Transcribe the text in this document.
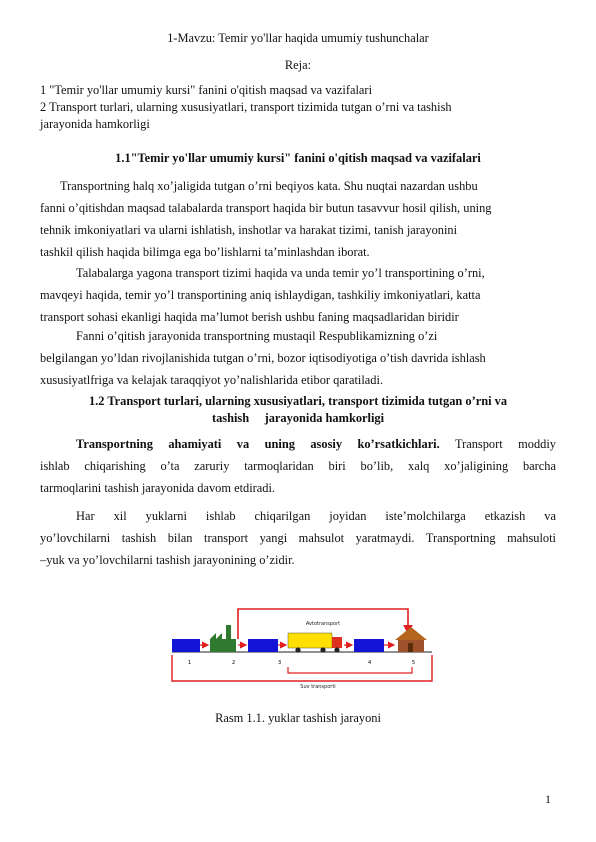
1-Mavzu: Temir yo'llar haqida umumiy tushunchalar
Reja:
1 "Temir yo'llar umumiy kursi" fanini o'qitish maqsad va vazifalari
2 Transport turlari, ularning xususiyatlari, transport tizimida tutgan o’rni va tashish
jarayonida hamkorligi
1.1"Temir yo'llar umumiy kursi" fanini o'qitish maqsad va vazifalari

Transportning halq xo’jaligida tutgan o’rni beqiyos kata. Shu nuqtai nazardan ushbu

fanni o’qitishdan maqsad talabalarda transport haqida bir butun tasavvur hosil qilish, uning

tehnik imkoniyatlari va ularni ishlatish, inshotlar va harakat tizimi, tanish jarayonini

tashkil qilish haqida bilimga ega bo’lishlarni ta’minlashdan iborat.

Talabalarga yagona transport tizimi haqida va unda temir yo’l transportining o’rni,

mavqeyi haqida, temir yo’l transportining aniq ishlaydigan, tashkiliy imkoniyatlari, katta

transport sohasi ekanligi haqida ma’lumot berish ushbu faning maqsadlaridan biridir

Fanni o’qitish jarayonida transportning mustaqil Respublikamizning o’zi

belgilangan yo’ldan rivojlanishida tutgan o’rni, bozor iqtisodiyotiga o’tish davrida ishlash

xususiyatlfriga va kelajak taraqqiyot yo’nalishlarida etibor qaratiladi.

1.2 Transport turlari, ularning xususiyatlari, transport tizimida tutgan o’rni va
tashish     jarayonida hamkorligi

Transportning ahamiyati va uning asosiy ko’rsatkichlari. Transport moddiy

ishlab chiqarishing o’ta zaruriy tarmoqlaridan biri bo’lib, xalq xo’jaligining barcha

tarmoqlarini tashish jarayonida davom etdiradi.

Har xil yuklarni ishlab chiqarilgan joyidan iste’molchilarga etkazish va

yo’lovchilarni tashish bilan transport yangi mahsulot yaratmaydi. Transportning mahsuloti

–yuk va yo’lovchilarni tashish jarayonining o’zidir.

Avtotransport
1	2	3	4	5
Suv transporti
Rasm 1.1. yuklar tashish jarayoni
1
